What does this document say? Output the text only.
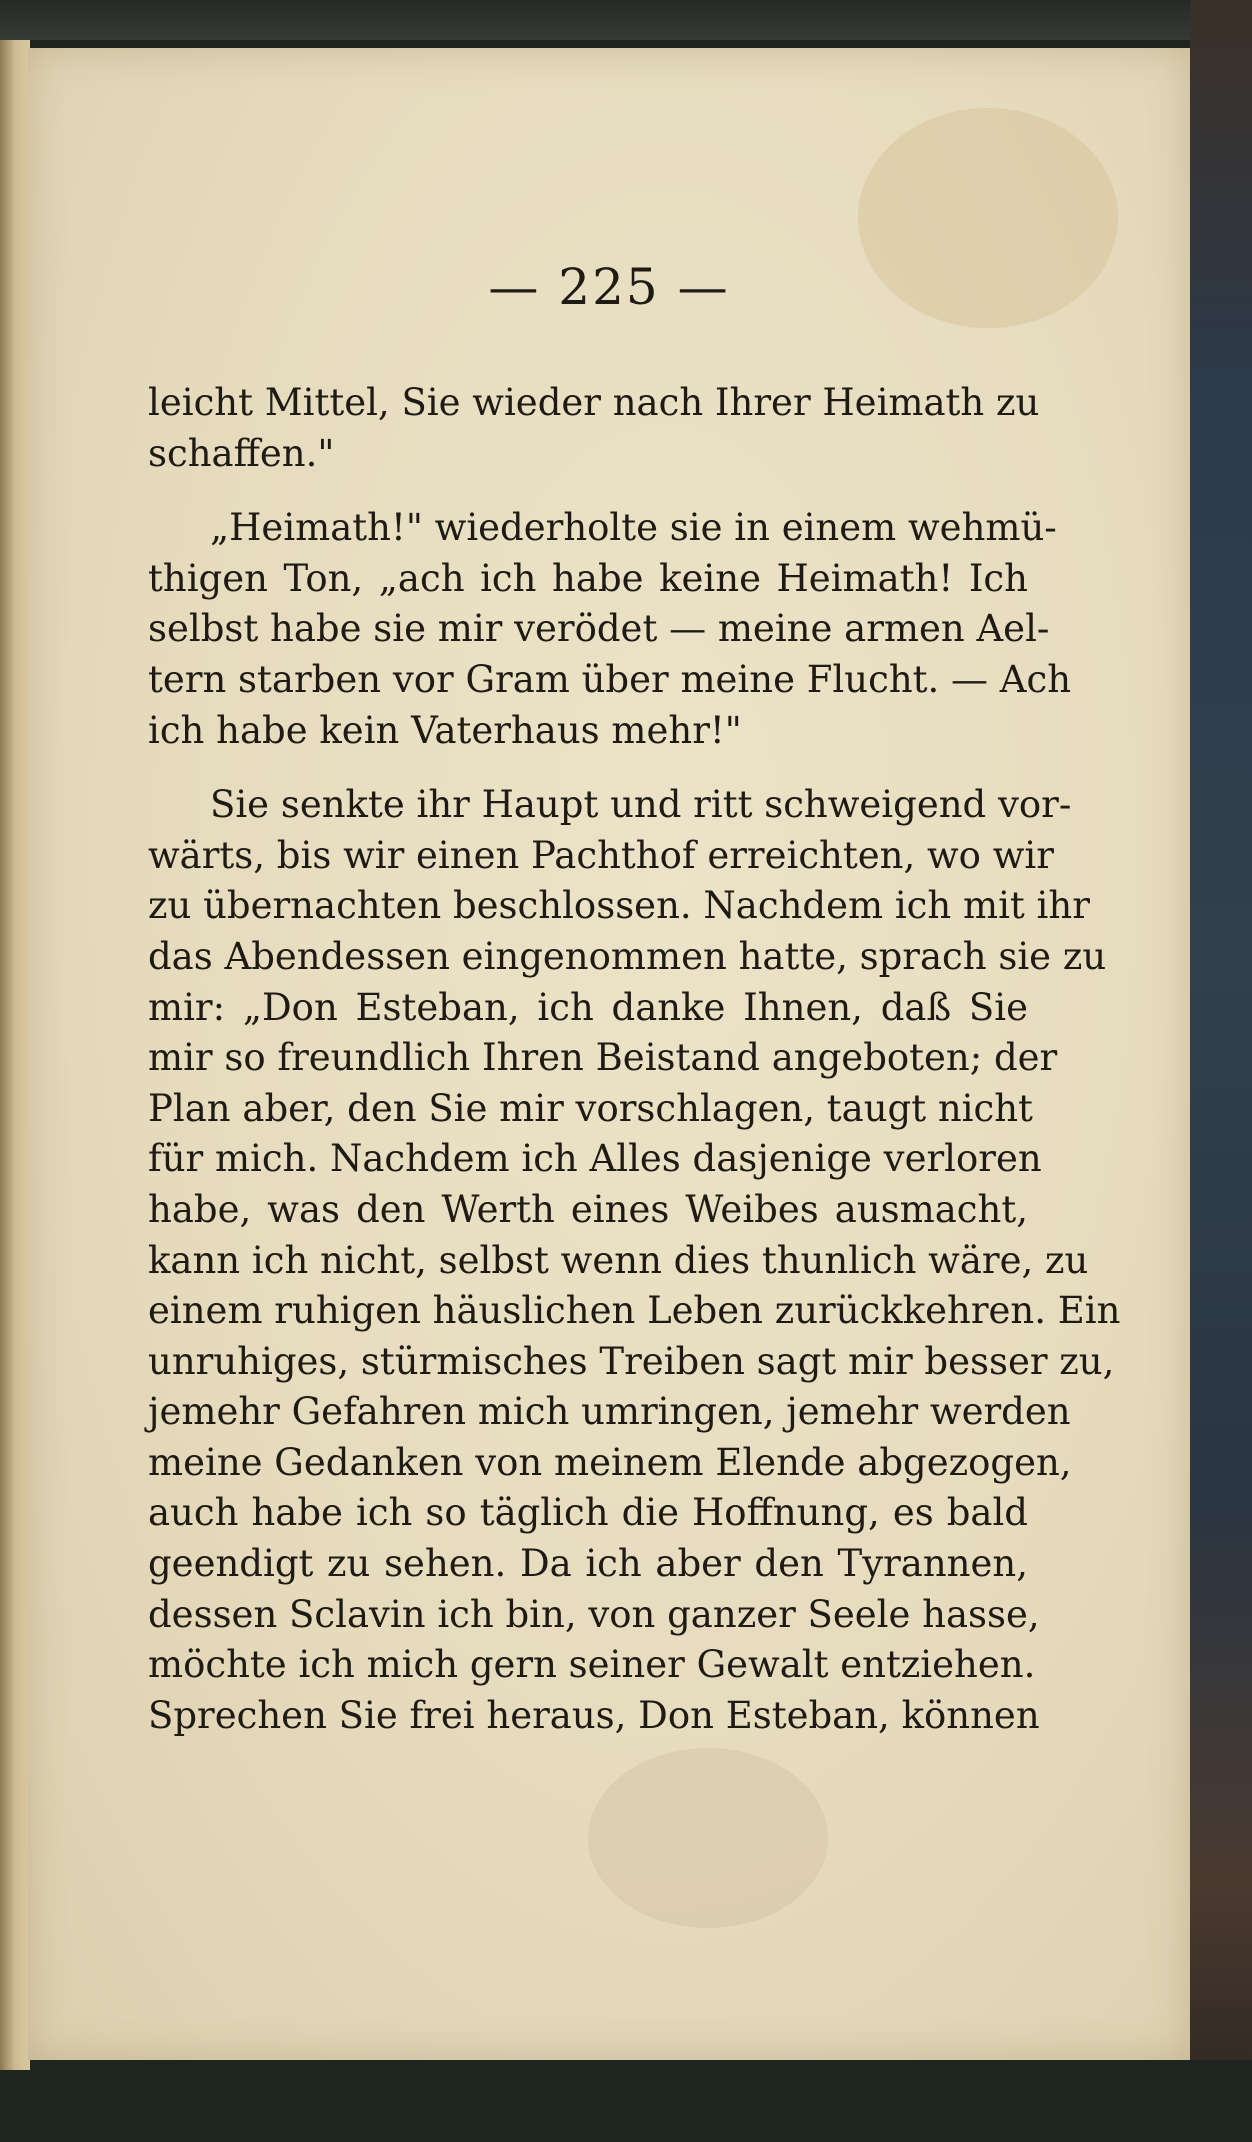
— 225 —
leicht Mittel, Sie wieder nach Ihrer Heimath zu
schaffen."
„Heimath!" wiederholte sie in einem wehmü-
thigen Ton, „ach ich habe keine Heimath! Ich
selbst habe sie mir verödet — meine armen Ael-
tern starben vor Gram über meine Flucht. — Ach
ich habe kein Vaterhaus mehr!"
Sie senkte ihr Haupt und ritt schweigend vor-
wärts, bis wir einen Pachthof erreichten, wo wir
zu übernachten beschlossen. Nachdem ich mit ihr
das Abendessen eingenommen hatte, sprach sie zu
mir: „Don Esteban, ich danke Ihnen, daß Sie
mir so freundlich Ihren Beistand angeboten; der
Plan aber, den Sie mir vorschlagen, taugt nicht
für mich. Nachdem ich Alles dasjenige verloren
habe, was den Werth eines Weibes ausmacht,
kann ich nicht, selbst wenn dies thunlich wäre, zu
einem ruhigen häuslichen Leben zurückkehren. Ein
unruhiges, stürmisches Treiben sagt mir besser zu,
jemehr Gefahren mich umringen, jemehr werden
meine Gedanken von meinem Elende abgezogen,
auch habe ich so täglich die Hoffnung, es bald
geendigt zu sehen. Da ich aber den Tyrannen,
dessen Sclavin ich bin, von ganzer Seele hasse,
möchte ich mich gern seiner Gewalt entziehen.
Sprechen Sie frei heraus, Don Esteban, können
